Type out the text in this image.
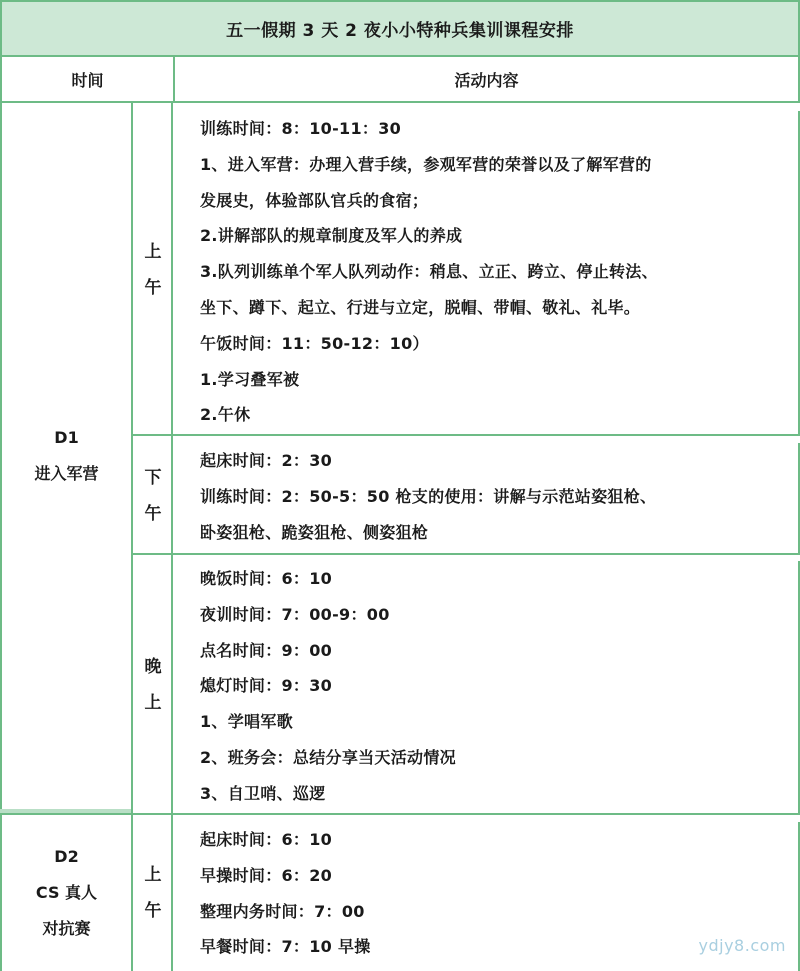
五一假期 3 天 2 夜小小特种兵集训课程安排
时间	活动内容
D1
进入军营
上
午
训练时间：8：10-11：30
1、进入军营：办理入营手续，参观军营的荣誉以及了解军营的
发展史，体验部队官兵的食宿；
2.讲解部队的规章制度及军人的养成
3.队列训练单个军人队列动作：稍息、立正、跨立、停止转法、
坐下、蹲下、起立、行进与立定，脱帽、带帽、敬礼、礼毕。
午饭时间：11：50-12：10）
1.学习叠军被
2.午休
下
午
起床时间：2：30
训练时间：2：50-5：50 枪支的使用：讲解与示范站姿狙枪、
卧姿狙枪、跪姿狙枪、侧姿狙枪
晚
上
晚饭时间：6：10
夜训时间：7：00-9：00
点名时间：9：00
熄灯时间：9：30
1、学唱军歌
2、班务会：总结分享当天活动情况
3、自卫哨、巡逻
D2
CS 真人
对抗赛
上
午
起床时间：6：10
早操时间：6：20
整理内务时间：7：00
早餐时间：7：10 早操	ydjy8.com
